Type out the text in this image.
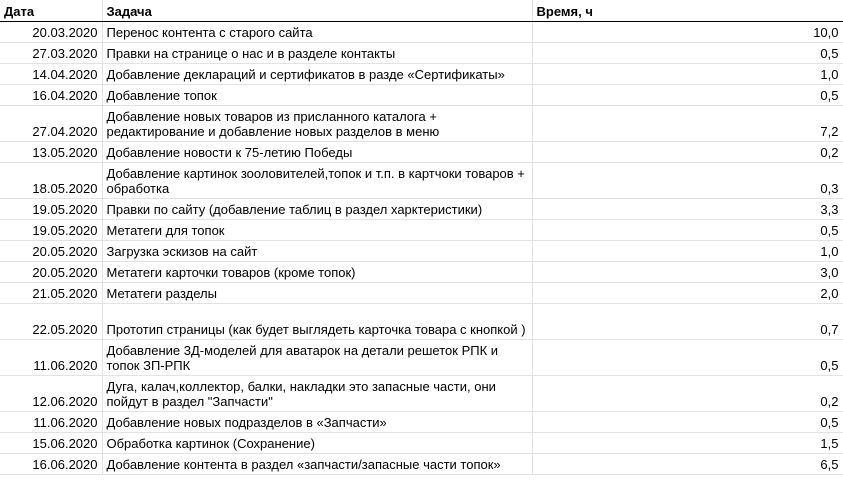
Дата	Задача	Время, ч
20.03.2020	Перенос контента с старого сайта	10,0
27.03.2020	Правки на странице о нас и в разделе контакты	0,5
14.04.2020	Добавление деклараций и сертификатов в разде «Сертификаты»	1,0
16.04.2020	Добавление топок	0,5
27.04.2020	Добавление новых товаров из присланного каталога + редактирование и добавление новых разделов в меню	7,2
13.05.2020	Добавление новости к 75-летию Победы	0,2
18.05.2020	Добавление картинок зооловителей,топок и т.п. в картчоки товаров + обработка	0,3
19.05.2020	Правки по сайту (добавление таблиц в раздел харктеристики)	3,3
19.05.2020	Метатеги для топок	0,5
20.05.2020	Загрузка эскизов на сайт	1,0
20.05.2020	Метатеги карточки товаров (кроме топок)	3,0
21.05.2020	Метатеги разделы	2,0
22.05.2020	Прототип страницы (как будет выглядеть карточка товара с кнопкой )	0,7
11.06.2020	Добавление 3Д-моделей для аватарок на детали решеток РПК и топок ЗП-РПК	0,5
12.06.2020	Дуга, калач,коллектор, балки, накладки это запасные части, они пойдут в раздел "Запчасти"	0,2
11.06.2020	Добавление новых подразделов в «Запчасти»	0,5
15.06.2020	Обработка картинок (Сохранение)	1,5
16.06.2020	Добавление контента в раздел «запчасти/запасные части топок»	6,5
